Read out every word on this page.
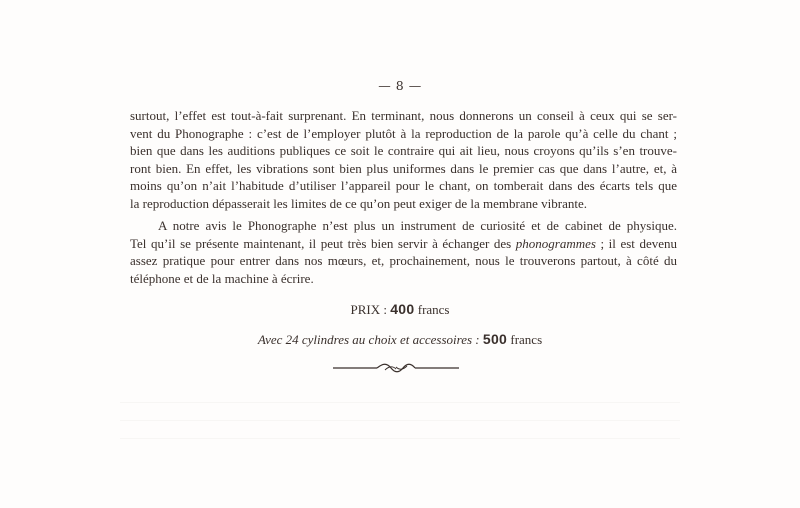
— 8 —
surtout, l’effet est tout-à-fait surprenant. En terminant, nous donnerons un conseil à ceux qui se ser-
vent du Phonographe : c’est de l’employer plutôt à la reproduction de la parole qu’à celle du chant ;
bien que dans les auditions publiques ce soit le contraire qui ait lieu, nous croyons qu’ils s’en trouve-
ront bien. En effet, les vibrations sont bien plus uniformes dans le premier cas que dans l’autre, et, à
moins qu’on n’ait l’habitude d’utiliser l’appareil pour le chant, on tomberait dans des écarts tels que
la reproduction dépasserait les limites de ce qu’on peut exiger de la membrane vibrante.
A notre avis le Phonographe n’est plus un instrument de curiosité et de cabinet de physique.
Tel qu’il se présente maintenant, il peut très bien servir à échanger des phonogrammes ; il est devenu
assez pratique pour entrer dans nos mœurs, et, prochainement, nous le trouverons partout, à côté du
téléphone et de la machine à écrire.
PRIX : 400 francs
Avec 24 cylindres au choix et accessoires : 500 francs
